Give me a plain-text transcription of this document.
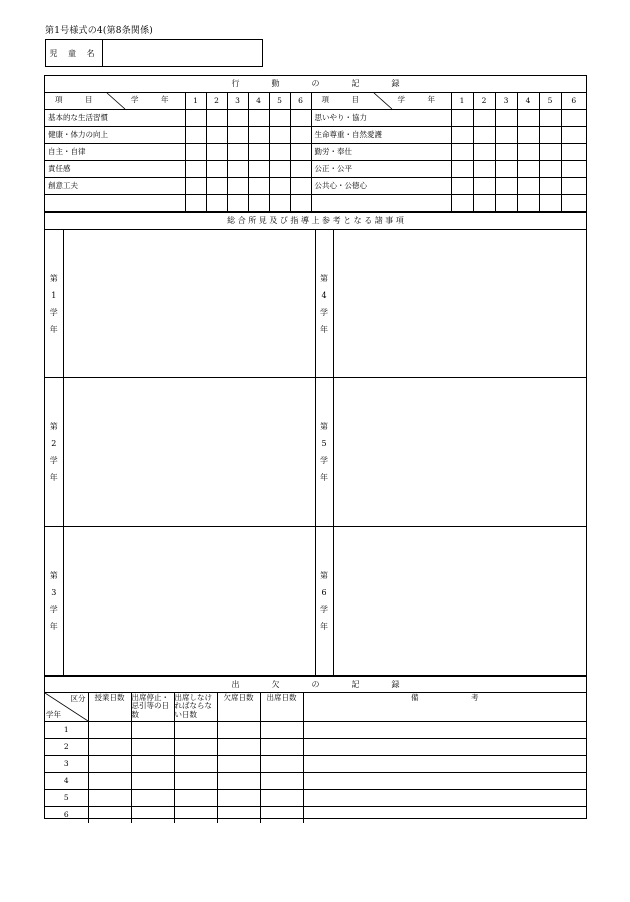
第1号様式の4(第8条関係)
児 童 名
行　　　　動　　　　の　　　　記　　　　録													

項　　　目 学　　　年	1	2	3	4	5	6	項　　　目 学　　　年	1	2	3	4	5	6
基本的な生活習慣							思いやり・協力						
健康・体力の向上							生命尊重・自然愛護						
自主・自律							勤労・奉仕						
責任感							公正・公平						
創意工夫							公共心・公徳心						

総 合 所 見 及 び 指 導 上 参 考 と な る 諸 事 項			
第
1
学
年		第
4
学
年	
第
2
学
年		第
5
学
年	
第
3
学
年		第
6
学
年	
出　　　　欠　　　　の　　　　記　　　　録						

区分
学年	授業日数	出席停止・忌引等の日数	出席しなければならない日数	欠席日数	出席日数	備　　　　　　　考
1						
2						
3						
4						
5						
6						
